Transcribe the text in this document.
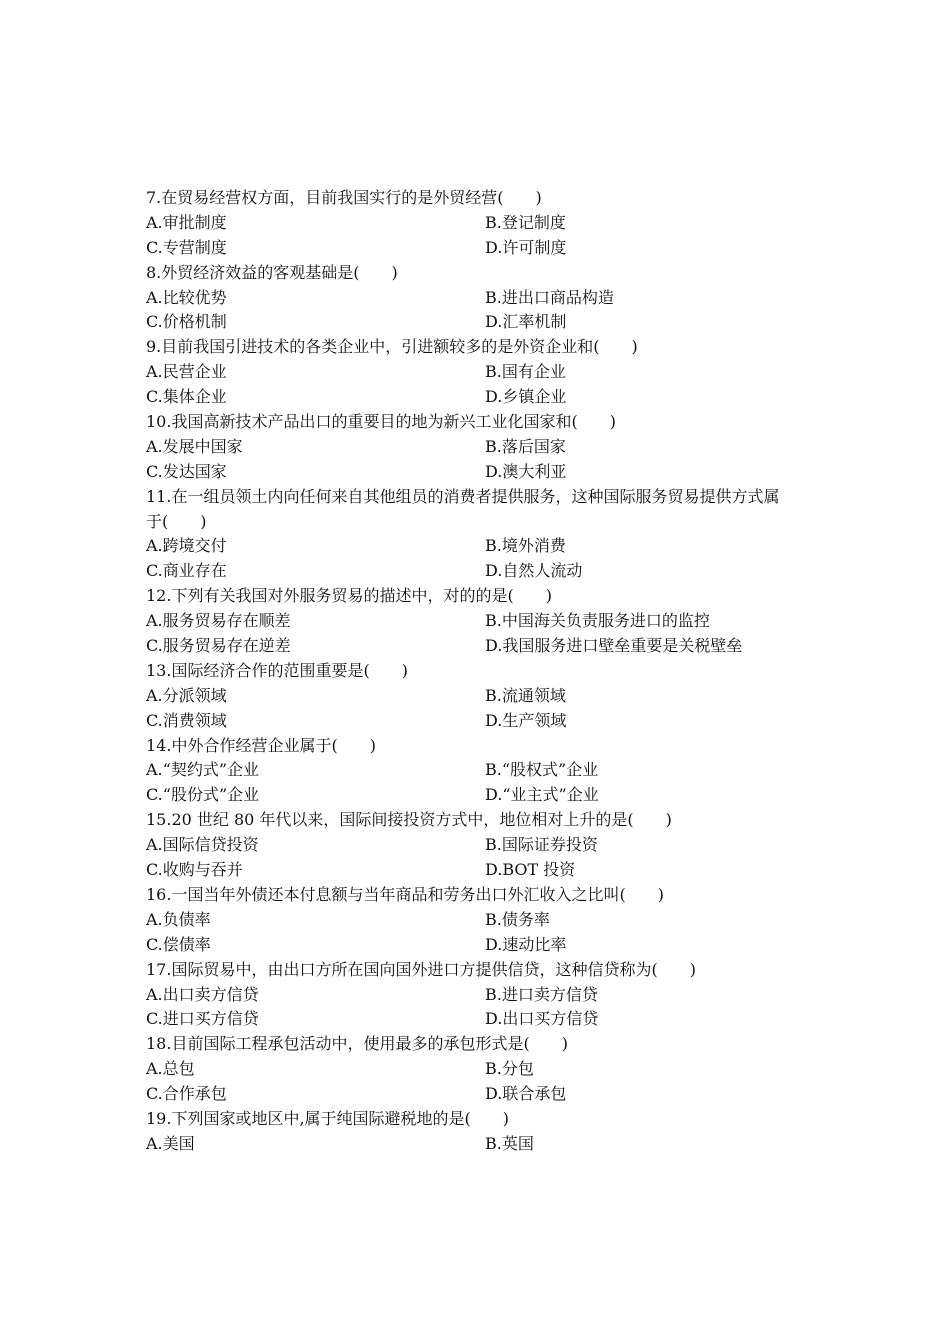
7.在贸易经营权方面，目前我国实行的是外贸经营(　　)
A.审批制度	B.登记制度
C.专营制度	D.许可制度
8.外贸经济效益的客观基础是(　　)
A.比较优势	B.进出口商品构造
C.价格机制	D.汇率机制
9.目前我国引进技术的各类企业中，引进额较多的是外资企业和(　　)
A.民营企业	B.国有企业
C.集体企业	D.乡镇企业
10.我国高新技术产品出口的重要目的地为新兴工业化国家和(　　)
A.发展中国家	B.落后国家
C.发达国家	D.澳大利亚
11.在一组员领土内向任何来自其他组员的消费者提供服务，这种国际服务贸易提供方式属
于(　　)
A.跨境交付	B.境外消费
C.商业存在	D.自然人流动
12.下列有关我国对外服务贸易的描述中，对的的是(　　)
A.服务贸易存在顺差	B.中国海关负责服务进口的监控
C.服务贸易存在逆差	D.我国服务进口壁垒重要是关税壁垒
13.国际经济合作的范围重要是(　　)
A.分派领域	B.流通领域
C.消费领域	D.生产领域
14.中外合作经营企业属于(　　)
A.“契约式”企业	B.“股权式”企业
C.“股份式”企业	D.“业主式”企业
15.20 世纪 80 年代以来，国际间接投资方式中，地位相对上升的是(　　)
A.国际信贷投资	B.国际证券投资
C.收购与吞并	D.BOT 投资
16.一国当年外债还本付息额与当年商品和劳务出口外汇收入之比叫(　　)
A.负债率	B.债务率
C.偿债率	D.速动比率
17.国际贸易中，由出口方所在国向国外进口方提供信贷，这种信贷称为(　　)
A.出口卖方信贷	B.进口卖方信贷
C.进口买方信贷	D.出口买方信贷
18.目前国际工程承包活动中，使用最多的承包形式是(　　)
A.总包	B.分包
C.合作承包	D.联合承包
19.下列国家或地区中,属于纯国际避税地的是(　　)
A.美国	B.英国
